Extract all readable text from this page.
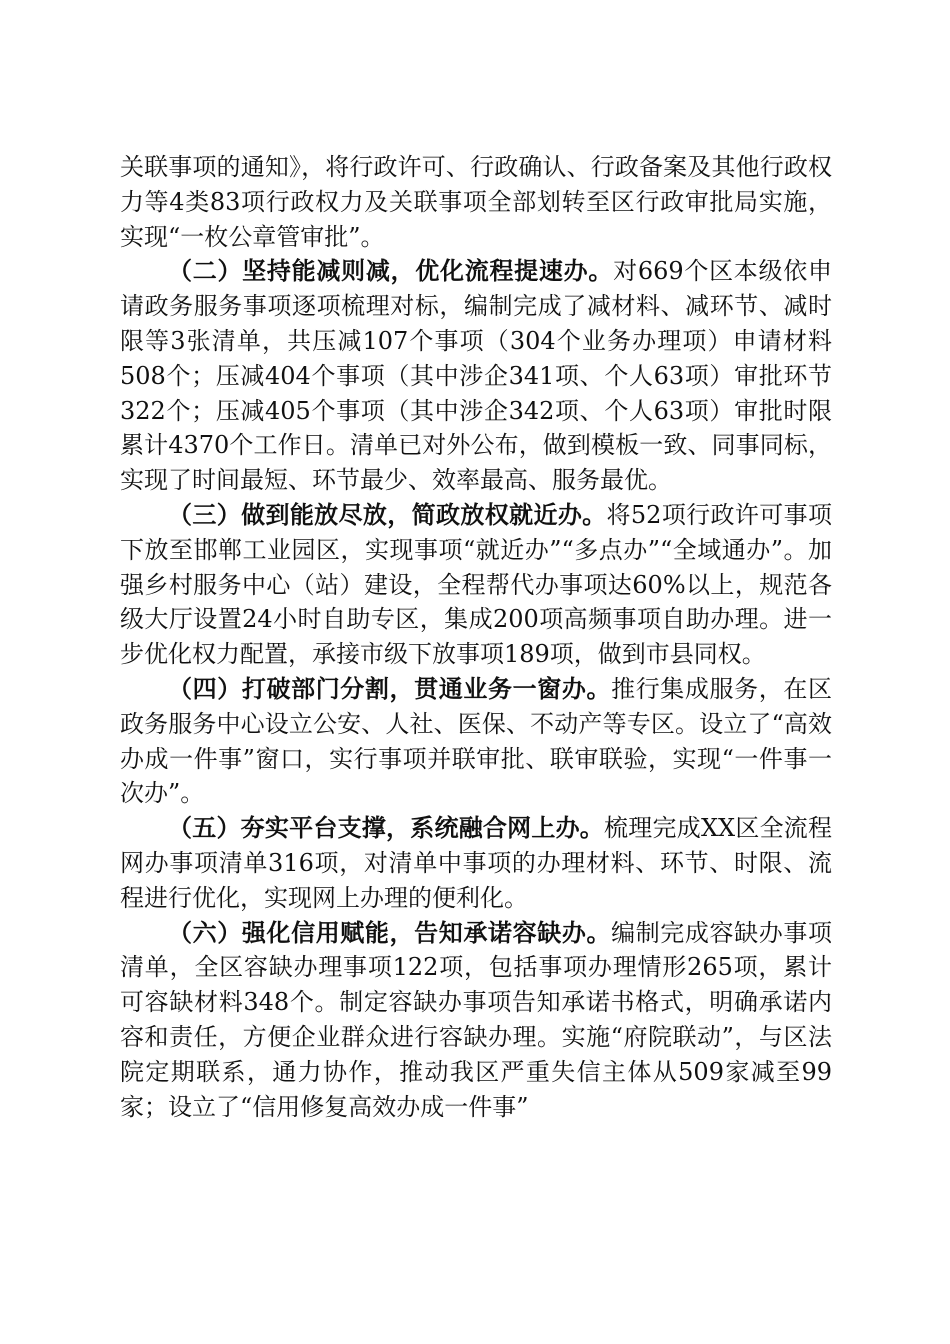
关联事项的通知》，将行政许可、行政确认、行政备案及其他行政权力等4类83项行政权力及关联事项全部划转至区行政审批局实施，实现“一枚公章管审批”。

（二）坚持能减则减，优化流程提速办。对669个区本级依申请政务服务事项逐项梳理对标，编制完成了减材料、减环节、减时限等3张清单，共压减107个事项（304个业务办理项）申请材料508个；压减404个事项（其中涉企341项、个人63项）审批环节322个；压减405个事项（其中涉企342项、个人63项）审批时限累计4370个工作日。清单已对外公布，做到模板一致、同事同标，实现了时间最短、环节最少、效率最高、服务最优。

（三）做到能放尽放，简政放权就近办。将52项行政许可事项下放至邯郸工业园区，实现事项“就近办”“多点办”“全域通办”。加强乡村服务中心（站）建设，全程帮代办事项达60%以上，规范各级大厅设置24小时自助专区，集成200项高频事项自助办理。进一步优化权力配置，承接市级下放事项189项，做到市县同权。

（四）打破部门分割，贯通业务一窗办。推行集成服务，在区政务服务中心设立公安、人社、医保、不动产等专区。设立了“高效办成一件事”窗口，实行事项并联审批、联审联验，实现“一件事一次办”。

（五）夯实平台支撑，系统融合网上办。梳理完成XX区全流程网办事项清单316项，对清单中事项的办理材料、环节、时限、流程进行优化，实现网上办理的便利化。

（六）强化信用赋能，告知承诺容缺办。编制完成容缺办事项清单，全区容缺办理事项122项，包括事项办理情形265项，累计可容缺材料348个。制定容缺办事项告知承诺书格式，明确承诺内容和责任，方便企业群众进行容缺办理。实施“府院联动”，与区法院定期联系，通力协作，推动我区严重失信主体从509家减至99家；设立了“信用修复高效办成一件事”
